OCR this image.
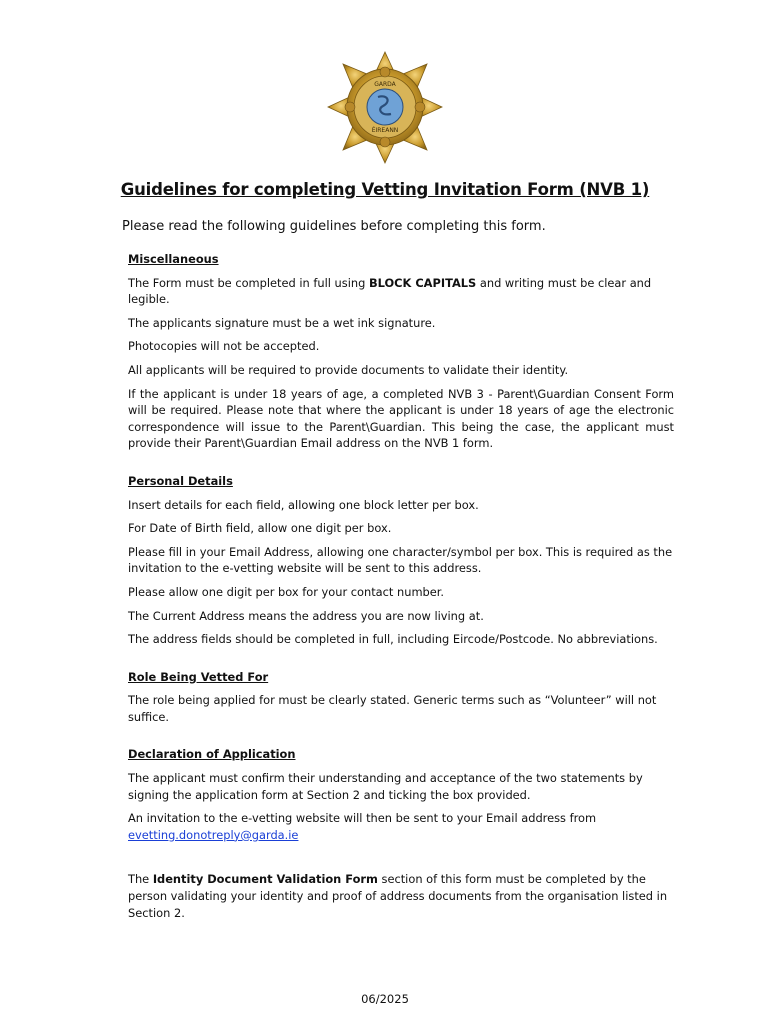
GARDA
ÉIREANN
Guidelines for completing Vetting Invitation Form (NVB 1)
Please read the following guidelines before completing this form.
Miscellaneous
The Form must be completed in full using BLOCK CAPITALS and writing must be clear and legible.
The applicants signature must be a wet ink signature.
Photocopies will not be accepted.
All applicants will be required to provide documents to validate their identity.
If the applicant is under 18 years of age, a completed NVB 3 - Parent\Guardian Consent Form will be required. Please note that where the applicant is under 18 years of age the electronic correspondence will issue to the Parent\Guardian. This being the case, the applicant must provide their Parent\Guardian Email address on the NVB 1 form.
Personal Details
Insert details for each field, allowing one block letter per box.
For Date of Birth field, allow one digit per box.
Please fill in your Email Address, allowing one character/symbol per box. This is required as the invitation to the e-vetting website will be sent to this address.
Please allow one digit per box for your contact number.
The Current Address means the address you are now living at.
The address fields should be completed in full, including Eircode/Postcode. No abbreviations.
Role Being Vetted For
The role being applied for must be clearly stated. Generic terms such as “Volunteer” will not suffice.
Declaration of Application
The applicant must confirm their understanding and acceptance of the two statements by signing the application form at Section 2 and ticking the box provided.
An invitation to the e-vetting website will then be sent to your Email address from
evetting.donotreply@garda.ie
The Identity Document Validation Form section of this form must be completed by the person validating your identity and proof of address documents from the organisation listed in Section 2.
06/2025
